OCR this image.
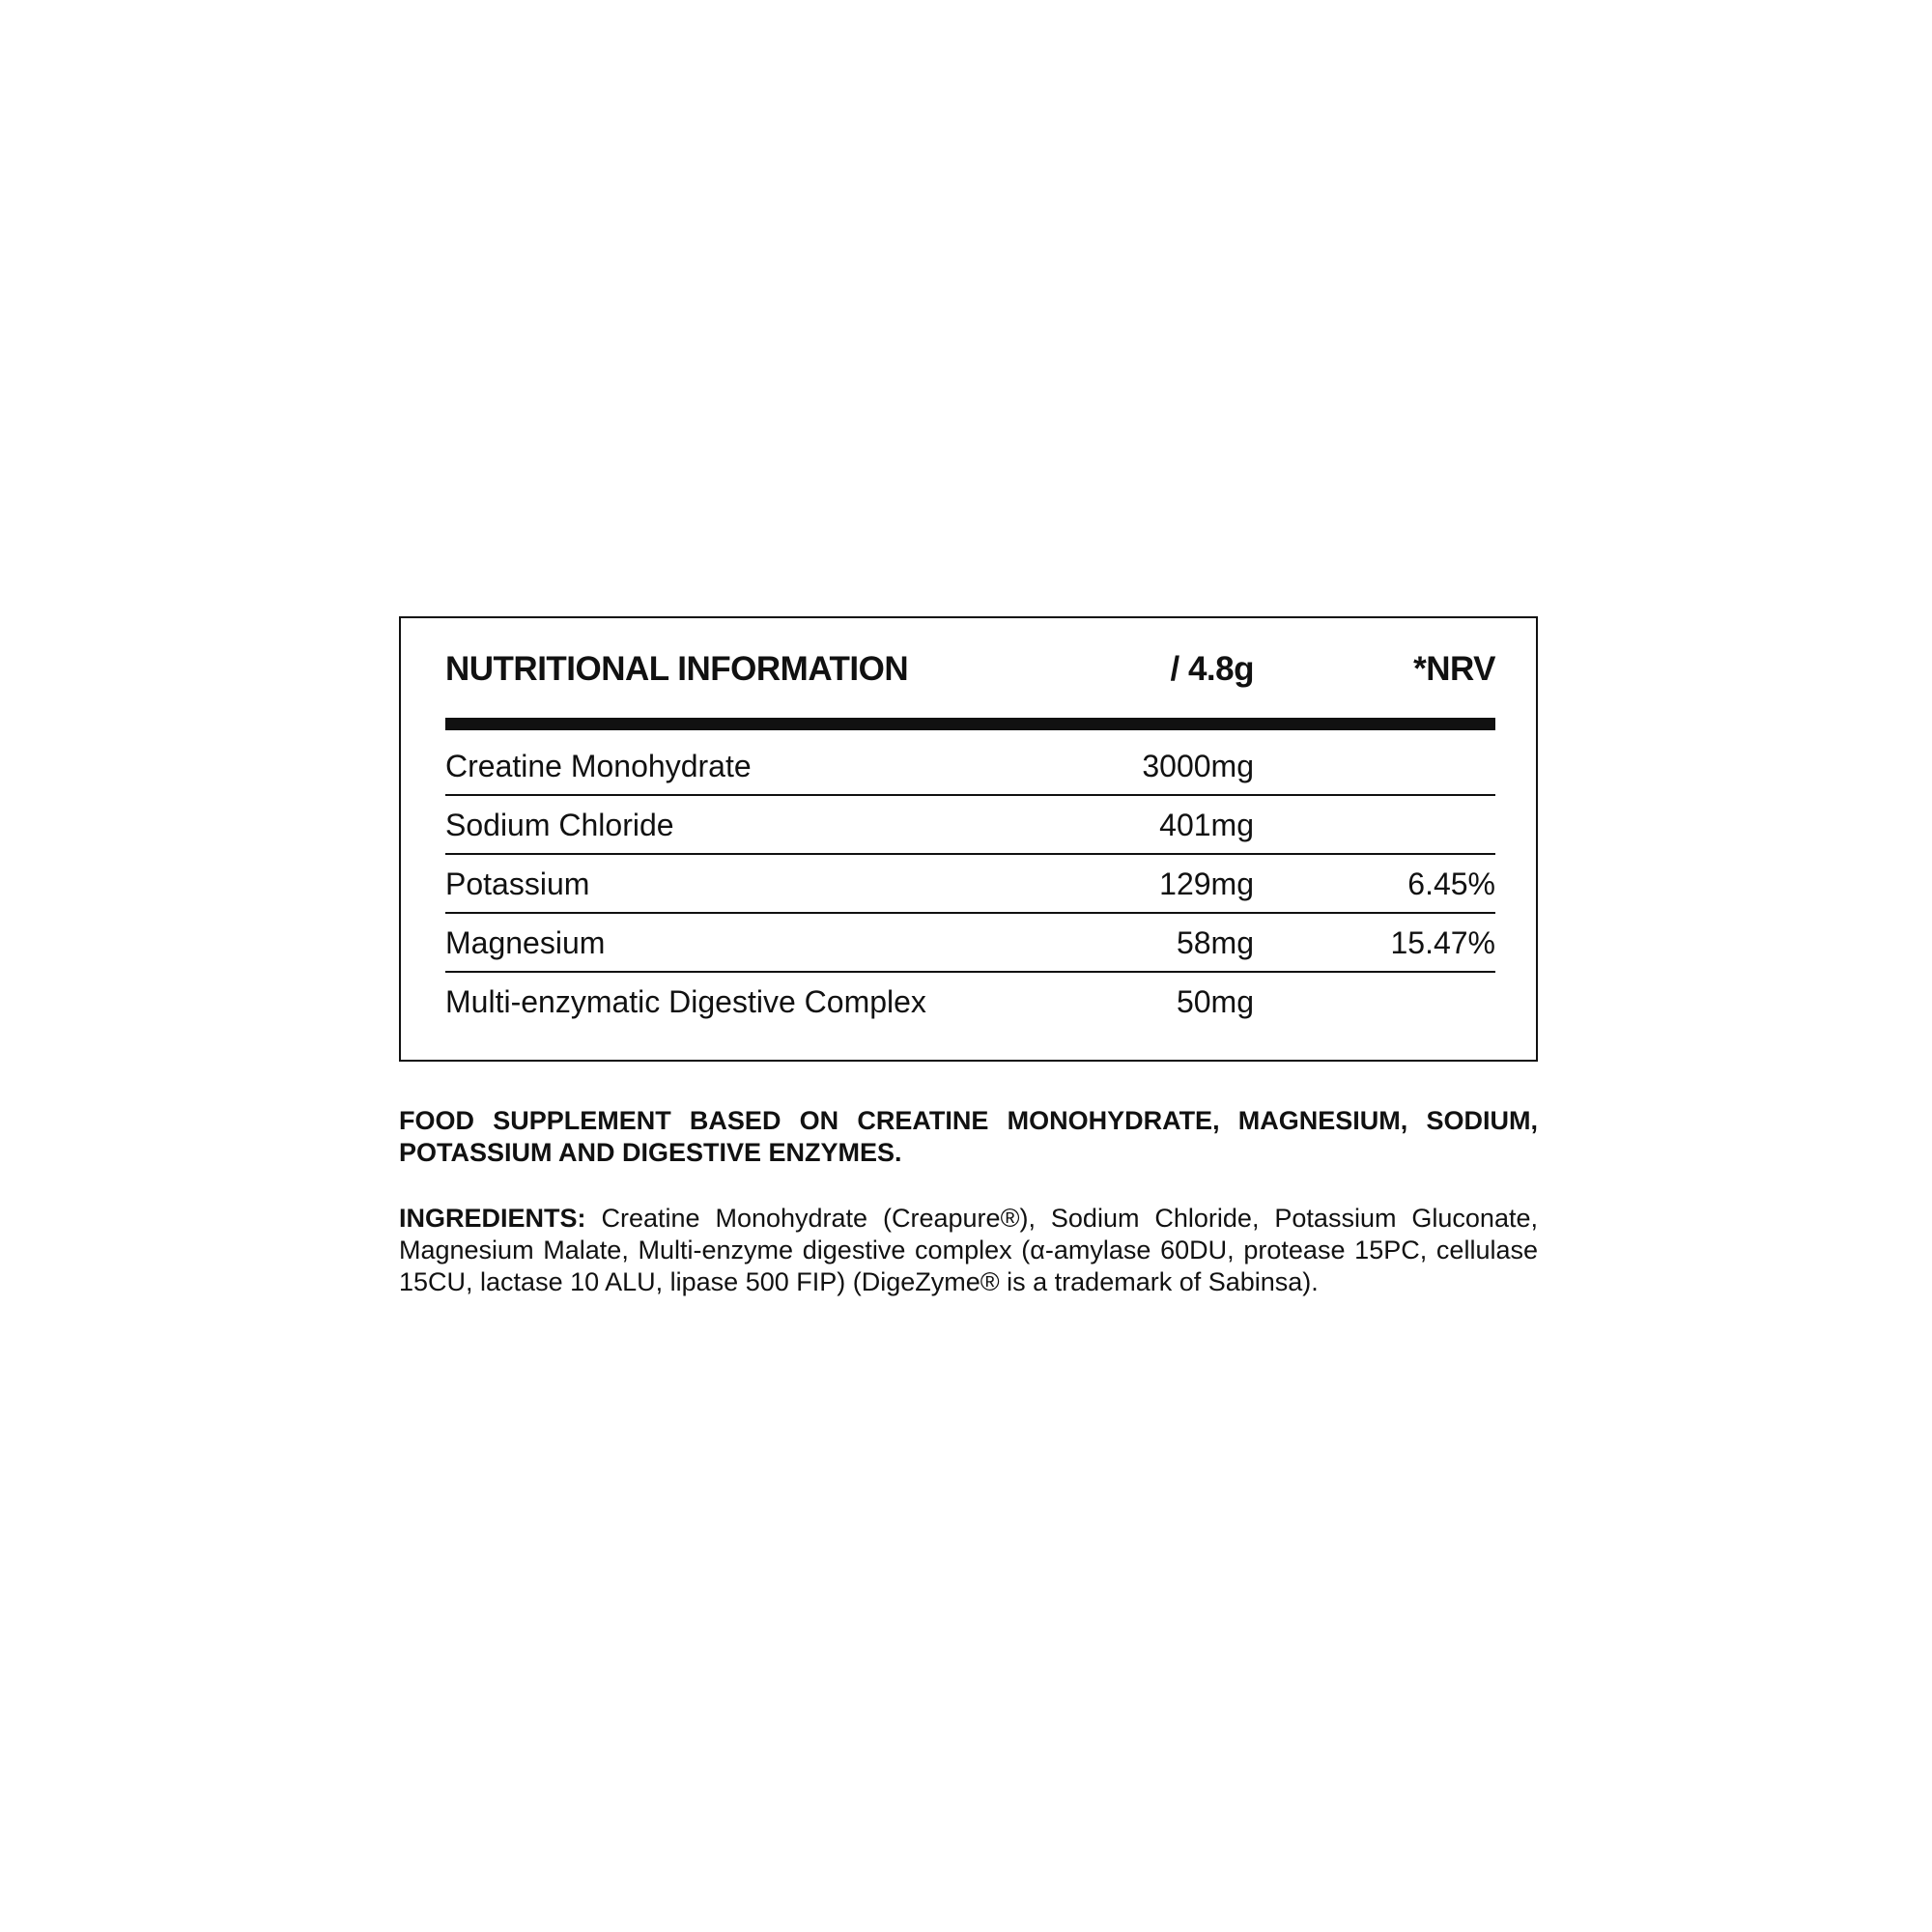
NUTRITIONAL INFORMATION	/ 4.8g	*NRV
Creatine Monohydrate	3000mg
Sodium Chloride	401mg
Potassium	129mg	6.45%
Magnesium	58mg	15.47%
Multi-enzymatic Digestive Complex	50mg

FOOD SUPPLEMENT BASED ON CREATINE MONOHYDRATE, MAGNESIUM, SODIUM, POTASSIUM AND DIGESTIVE ENZYMES.

INGREDIENTS: Creatine Monohydrate (Creapure®), Sodium Chloride, Potassium Gluconate, Magnesium Malate, Multi-enzyme digestive complex (α-amylase 60DU, protease 15PC, cellulase 15CU, lactase 10 ALU, lipase 500 FIP) (DigeZyme® is a trademark of Sabinsa).
